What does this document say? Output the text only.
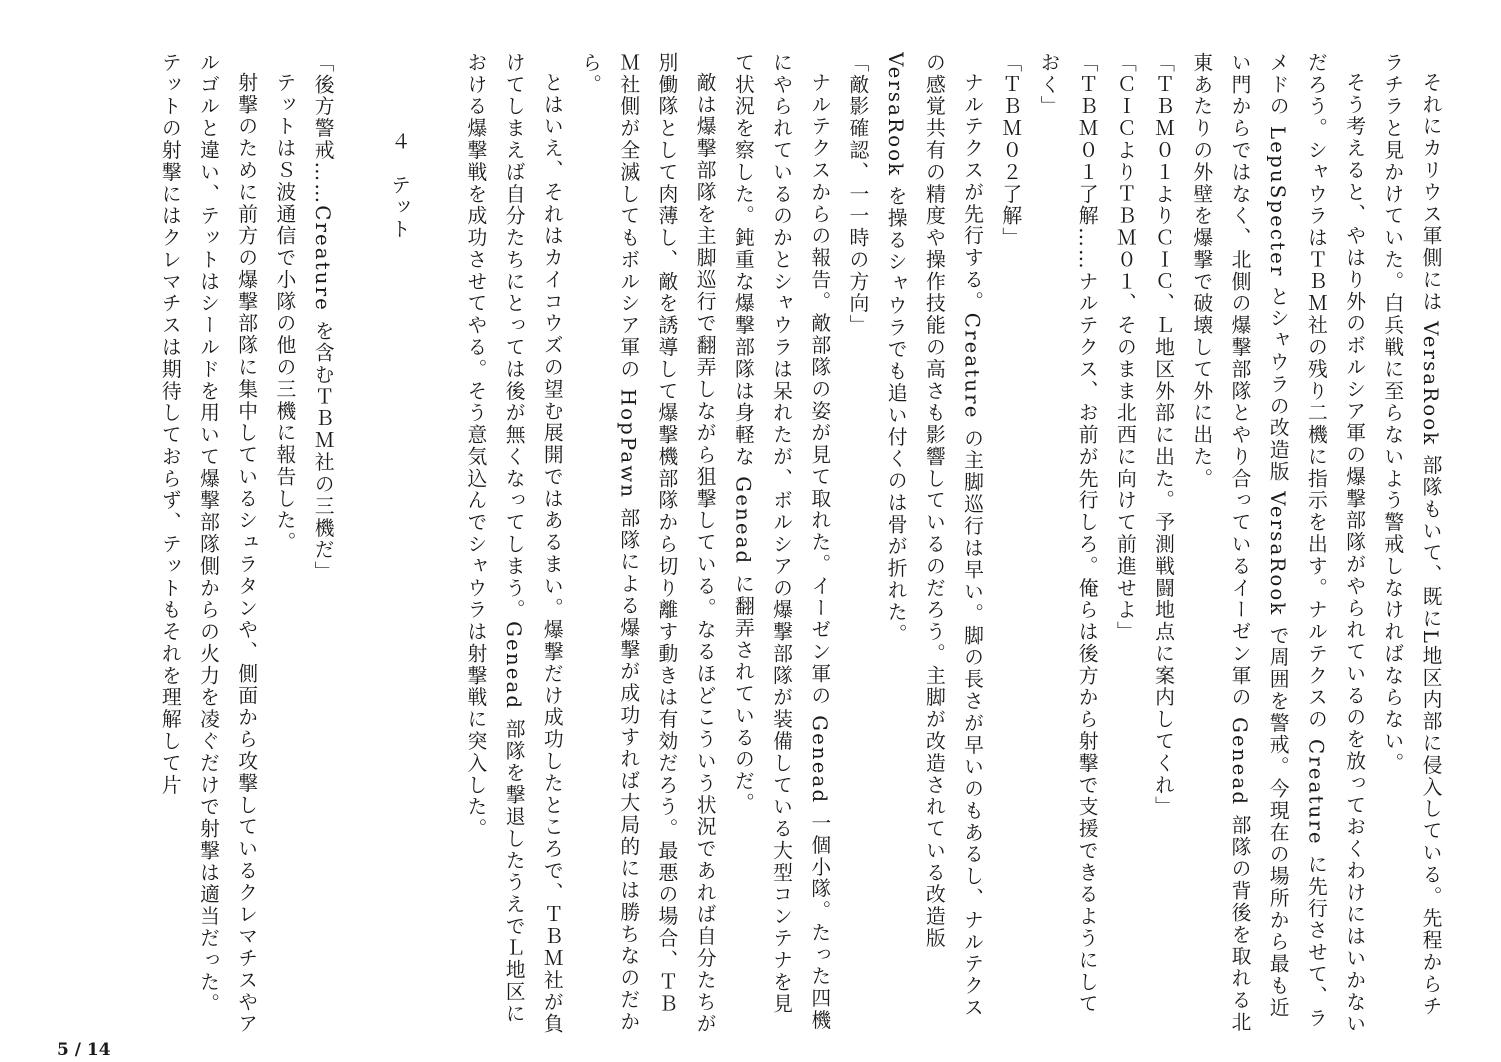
それにカリウス軍側には VersaRook 部隊もいて、既にL地区内部に侵入している。先程からチラチラと見かけていた。白兵戦に至らないよう警戒しなければならない。

そう考えると、やはり外のボルシア軍の爆撃部隊がやられているのを放っておくわけにはいかないだろう。シャウラはＴＢＭ社の残り二機に指示を出す。ナルテクスの Creature に先行させて、ラメドの LepuSpecter とシャウラの改造版 VersaRook で周囲を警戒。今現在の場所から最も近い門からではなく、北側の爆撃部隊とやり合っているイーゼン軍の Genead 部隊の背後を取れる北東あたりの外壁を爆撃で破壊して外に出た。

「ＴＢＭ０１よりＣＩＣ、Ｌ地区外部に出た。予測戦闘地点に案内してくれ」

「ＣＩＣよりＴＢＭ０１、そのまま北西に向けて前進せよ」

「ＴＢＭ０１了解……ナルテクス、お前が先行しろ。俺らは後方から射撃で支援できるようにしておく」

「ＴＢＭ０２了解」

ナルテクスが先行する。Creature の主脚巡行は早い。脚の長さが早いのもあるし、ナルテクスの感覚共有の精度や操作技能の高さも影響しているのだろう。主脚が改造されている改造版 VersaRook を操るシャウラでも追い付くのは骨が折れた。

「敵影確認、一一時の方向」

ナルテクスからの報告。敵部隊の姿が見て取れた。イーゼン軍の Genead 一個小隊。たった四機にやられているのかとシャウラは呆れたが、ボルシアの爆撃部隊が装備している大型コンテナを見て状況を察した。鈍重な爆撃部隊は身軽な Genead に翻弄されているのだ。

敵は爆撃部隊を主脚巡行で翻弄しながら狙撃している。なるほどこういう状況であれば自分たちが別働隊として肉薄し、敵を誘導して爆撃機部隊から切り離す動きは有効だろう。最悪の場合、ＴＢＭ社側が全滅してもボルシア軍の HopPawn 部隊による爆撃が成功すれば大局的には勝ちなのだから。

とはいえ、それはカイコウズの望む展開ではあるまい。爆撃だけ成功したところで、ＴＢＭ社が負けてしまえば自分たちにとっては後が無くなってしまう。Genead 部隊を撃退したうえでＬ地区における爆撃戦を成功させてやる。そう意気込んでシャウラは射撃戦に突入した。

４　テット

「後方警戒……Creature を含むＴＢＭ社の三機だ」

テットはＳ波通信で小隊の他の三機に報告した。

射撃のために前方の爆撃部隊に集中しているシュラタンや、側面から攻撃しているクレマチスやアルゴルと違い、テットはシールドを用いて爆撃部隊側からの火力を凌ぐだけで射撃は適当だった。テットの射撃にはクレマチスは期待しておらず、テットもそれを理解して片

5 / 14
